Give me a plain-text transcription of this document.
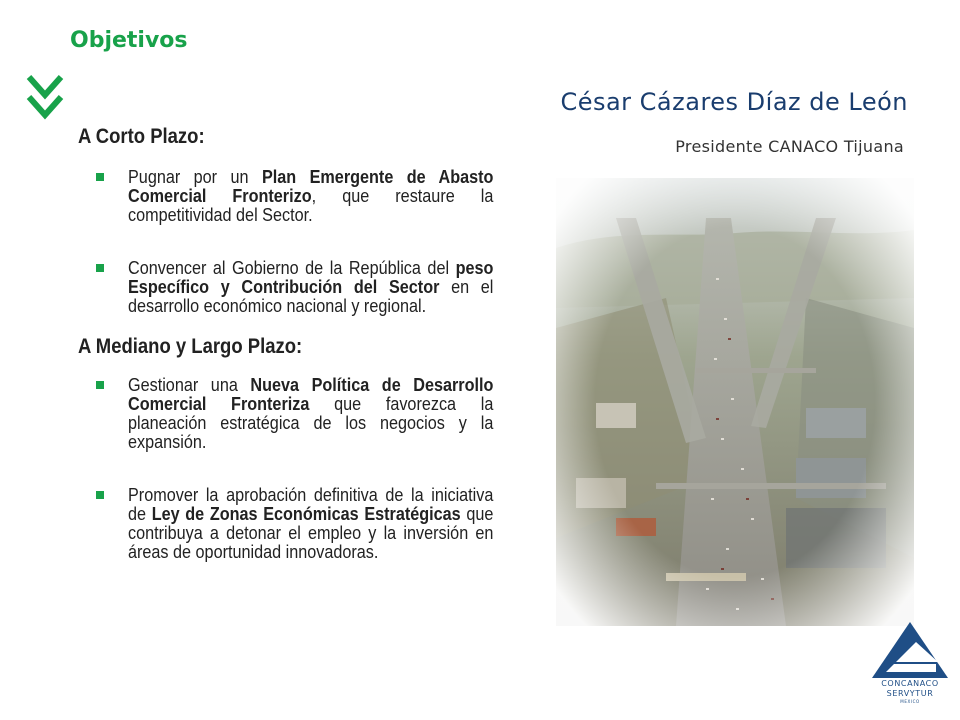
Objetivos
César Cázares Díaz de León
Presidente CANACO Tijuana
A Corto Plazo:
Pugnar por un Plan Emergente de Abasto Comercial Fronterizo, que restaure la competitividad del Sector.
Convencer al Gobierno de la República del peso Específico y Contribución del Sector en el desarrollo económico nacional y regional.
A Mediano y Largo Plazo:
Gestionar una Nueva Política de Desarrollo Comercial Fronteriza que favorezca la planeación estratégica de los negocios y la expansión.
Promover la aprobación definitiva de la iniciativa de Ley de Zonas Económicas Estratégicas que contribuya a detonar el empleo y la inversión en áreas de oportunidad innovadoras.
CONCANACO
SERVYTUR
MEXICO
